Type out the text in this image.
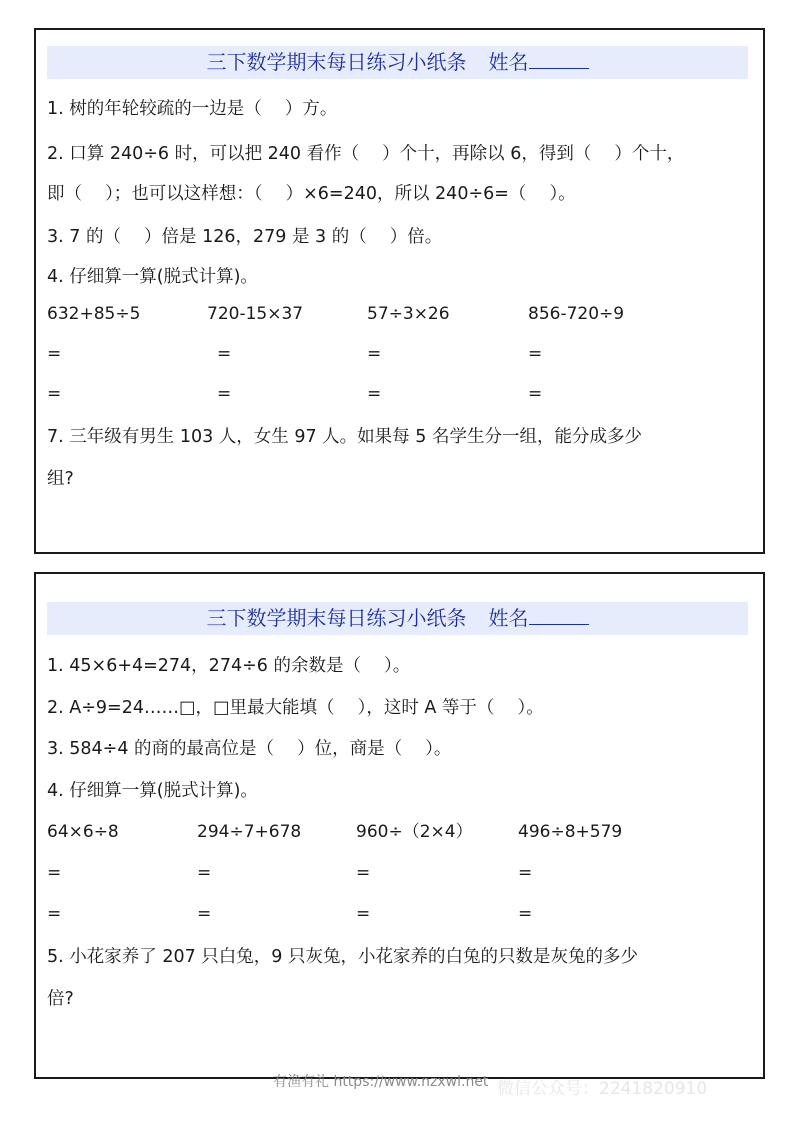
三下数学期末每日练习小纸条 姓名
1. 树的年轮较疏的一边是（　 ）方。
2. 口算 240÷6 时，可以把 240 看作（　 ）个十，再除以 6，得到（　 ）个十，
即（　 ）；也可以这样想：（　 ）×6=240，所以 240÷6=（　 ）。
3. 7 的（　 ）倍是 126，279 是 3 的（　 ）倍。
4. 仔细算一算(脱式计算)。
632+85÷5	720-15×37	57÷3×26	856-720÷9
=	=	=	=
=	=	=	=
7. 三年级有男生 103 人，女生 97 人。如果每 5 名学生分一组，能分成多少
组?
三下数学期末每日练习小纸条 姓名
1. 45×6+4=274，274÷6 的余数是（　 ）。
2. A÷9=24……□，□里最大能填（　 ），这时 A 等于（　 ）。
3. 584÷4 的商的最高位是（　 ）位，商是（　 ）。
4. 仔细算一算(脱式计算)。
64×6÷8	294÷7+678	960÷（2×4）	496÷8+579
=	=	=	=
=	=	=	=
5. 小花家养了 207 只白兔，9 只灰兔，小花家养的白兔的只数是灰兔的多少
倍?
有渔有礼 https://www.nzxwl.net 微信公众号：2241820910
